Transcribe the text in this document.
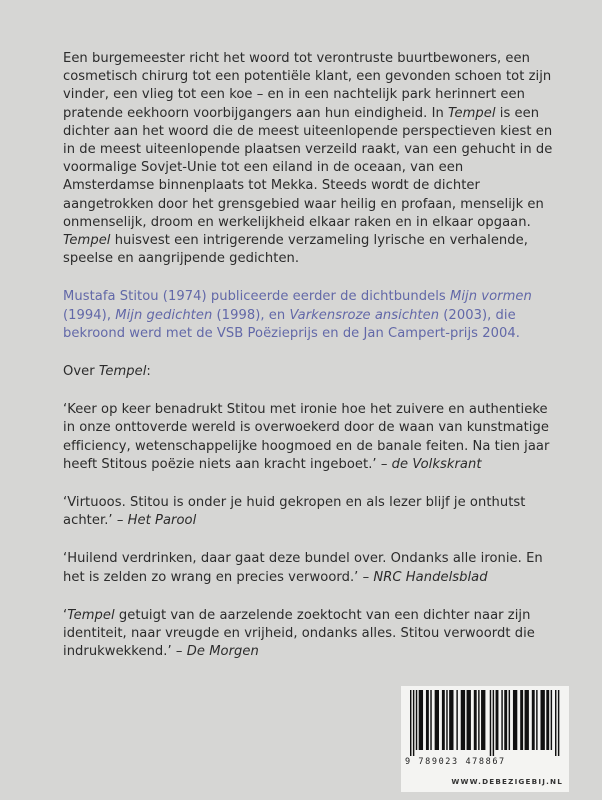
Een burgemeester richt het woord tot verontruste buurtbewoners, een cosmetisch chirurg tot een potentiële klant, een gevonden schoen tot zijn vinder, een vlieg tot een koe – en in een nachtelijk park herinnert een pratende eekhoorn voorbijgangers aan hun eindigheid. In Tempel is een dichter aan het woord die de meest uiteenlopende perspectieven kiest en in de meest uiteenlopende plaatsen verzeild raakt, van een gehucht in de voormalige Sovjet-Unie tot een eiland in de oceaan, van een Amsterdamse binnenplaats tot Mekka. Steeds wordt de dichter aangetrokken door het grensgebied waar heilig en profaan, menselijk en onmenselijk, droom en werkelijkheid elkaar raken en in elkaar opgaan. Tempel huisvest een intrigerende verzameling lyrische en verhalende, speelse en aangrijpende gedichten.

Mustafa Stitou (1974) publiceerde eerder de dichtbundels Mijn vormen (1994), Mijn gedichten (1998), en Varkensroze ansichten (2003), die bekroond werd met de VSB Poëzieprijs en de Jan Campert-prijs 2004.

Over Tempel:

‘Keer op keer benadrukt Stitou met ironie hoe het zuivere en authentieke in onze onttoverde wereld is overwoekerd door de waan van kunstmatige efficiency, wetenschappelijke hoogmoed en de banale feiten. Na tien jaar heeft Stitous poëzie niets aan kracht ingeboet.’ – de Volkskrant

‘Virtuoos. Stitou is onder je huid gekropen en als lezer blijf je onthutst achter.’ – Het Parool

‘Huilend verdrinken, daar gaat deze bundel over. Ondanks alle ironie. En het is zelden zo wrang en precies verwoord.’ – NRC Handelsblad

‘Tempel getuigt van de aarzelende zoektocht van een dichter naar zijn identiteit, naar vreugde en vrijheid, ondanks alles. Stitou verwoordt die indrukwekkend.’ – De Morgen

9 789023 478867
WWW.DEBEZIGEBIJ.NL
